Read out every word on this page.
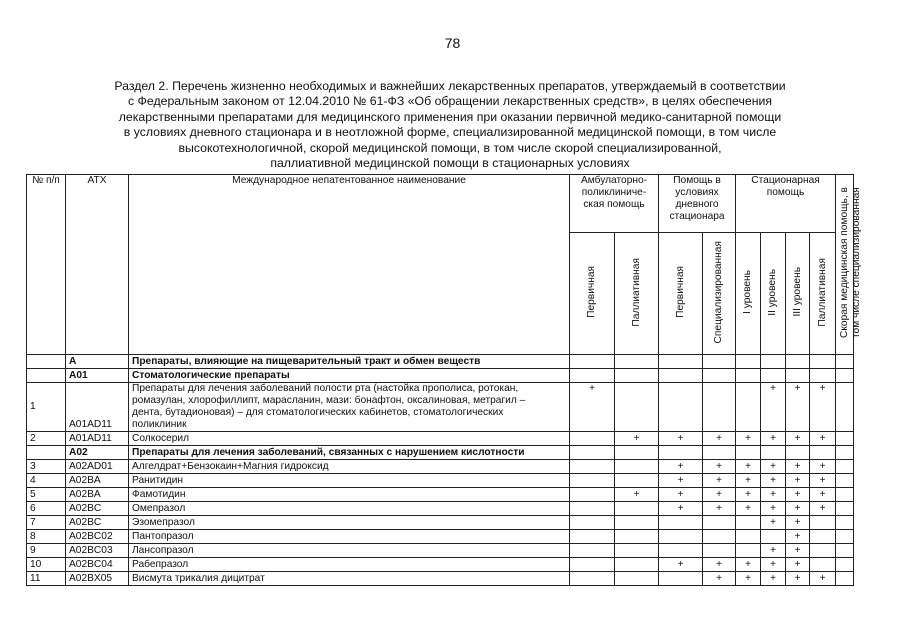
78
Раздел 2. Перечень жизненно необходимых и важнейших лекарственных препаратов, утверждаемый в соответствии
с Федеральным законом от 12.04.2010 № 61-ФЗ «Об обращении лекарственных средств», в целях обеспечения
лекарственными препаратами для медицинского применения при оказании первичной медико-санитарной помощи
в условиях дневного стационара и в неотложной форме, специализированной медицинской помощи, в том числе
высокотехнологичной, скорой медицинской помощи, в том числе скорой специализированной,
паллиативной медицинской помощи в стационарных условиях
№ п/п	АТХ	Международное непатентованное наименование	Амбулаторно-поликлиниче-ская помощь		Помощь в условиях дневного стационара		Стационарная помощь				Скорая медицинская помощь, в том числе специализированная
			Первичная	Паллиативная	Первичная	Специализированная	I уровень	II уровень	III уровень	Паллиативная	
	A	Препараты, влияющие на пищеварительный тракт и обмен веществ									
	A01	Стоматологические препараты									
1	A01AD11	Препараты для лечения заболеваний полости рта (настойка прополиса, ротокан,
ромазулан, хлорофиллипт, марасланин, мази: бонафтон, оксалиновая, метрагил –
дента, бутадионовая) – для стоматологических кабинетов, стоматологических
поликлиник	+					+	+	+	
2	A01AD11	Солкосерил		+	+	+	+	+	+	+	
	A02	Препараты для лечения заболеваний, связанных с нарушением кислотности									
3	A02AD01	Алгелдрат+Бензокаин+Магния гидроксид			+	+	+	+	+	+	
4	A02BA	Ранитидин			+	+	+	+	+	+	
5	A02BA	Фамотидин		+	+	+	+	+	+	+	
6	A02BC	Омепразол			+	+	+	+	+	+	
7	A02BC	Эзомепразол						+	+		
8	A02BC02	Пантопразол							+		
9	A02BC03	Лансопразол						+	+		
10	A02BC04	Рабепразол			+	+	+	+	+		
11	A02BX05	Висмута трикалия дицитрат				+	+	+	+	+	
